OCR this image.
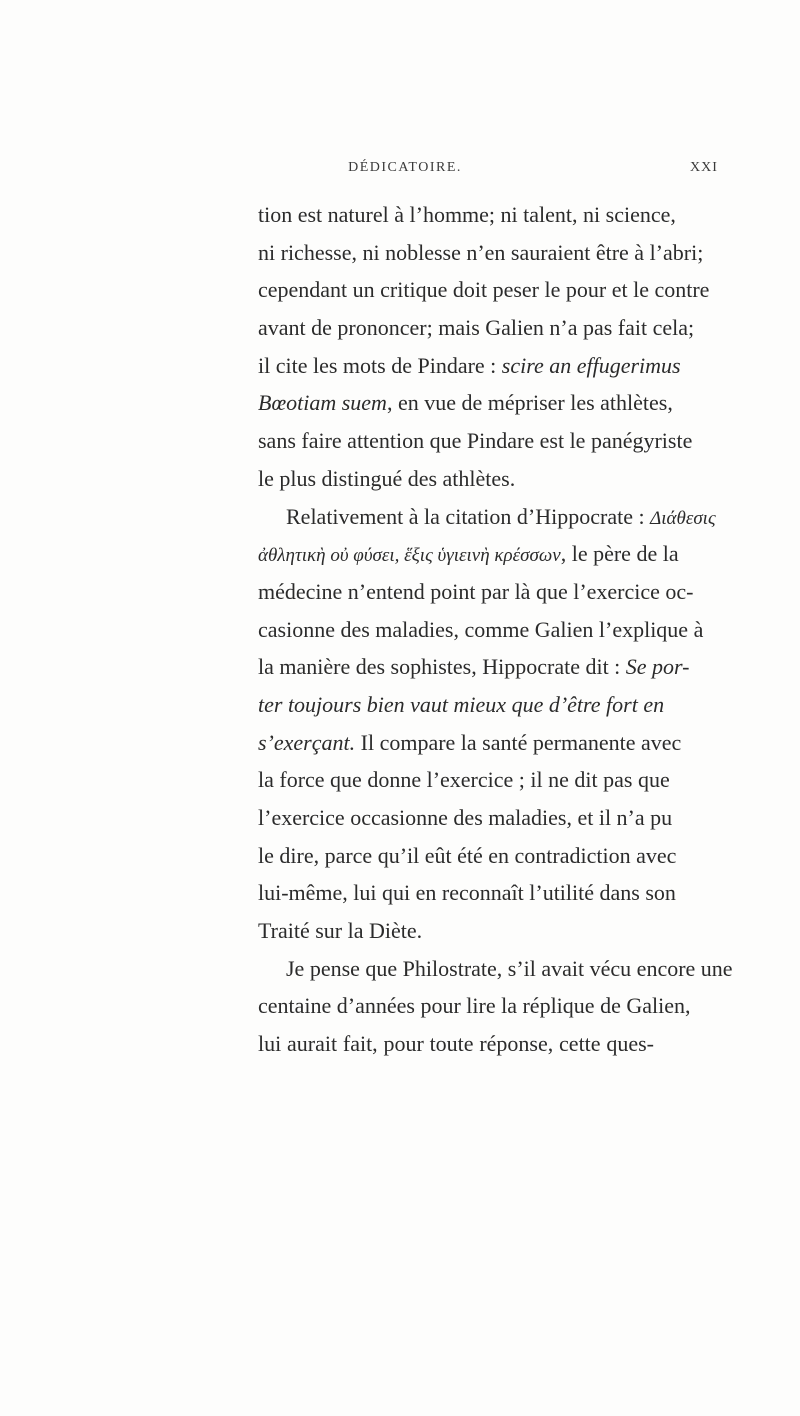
DÉDICATOIRE.	XXI
tion est naturel à l’homme; ni talent, ni science,
ni richesse, ni noblesse n’en sauraient être à l’abri;
cependant un critique doit peser le pour et le contre
avant de prononcer; mais Galien n’a pas fait cela;
il cite les mots de Pindare : scire an effugerimus
Bœotiam suem, en vue de mépriser les athlètes,
sans faire attention que Pindare est le panégyriste
le plus distingué des athlètes.
Relativement à la citation d’Hippocrate : Διάθεσις
ἀθλητικὴ οὐ φύσει, ἕξις ὑγιεινὴ κρέσσων, le père de la
médecine n’entend point par là que l’exercice oc-
casionne des maladies, comme Galien l’explique à
la manière des sophistes, Hippocrate dit : Se por-
ter toujours bien vaut mieux que d’être fort en
s’exerçant. Il compare la santé permanente avec
la force que donne l’exercice ; il ne dit pas que
l’exercice occasionne des maladies, et il n’a pu
le dire, parce qu’il eût été en contradiction avec
lui-même, lui qui en reconnaît l’utilité dans son
Traité sur la Diète.
Je pense que Philostrate, s’il avait vécu encore une
centaine d’années pour lire la réplique de Galien,
lui aurait fait, pour toute réponse, cette ques-
